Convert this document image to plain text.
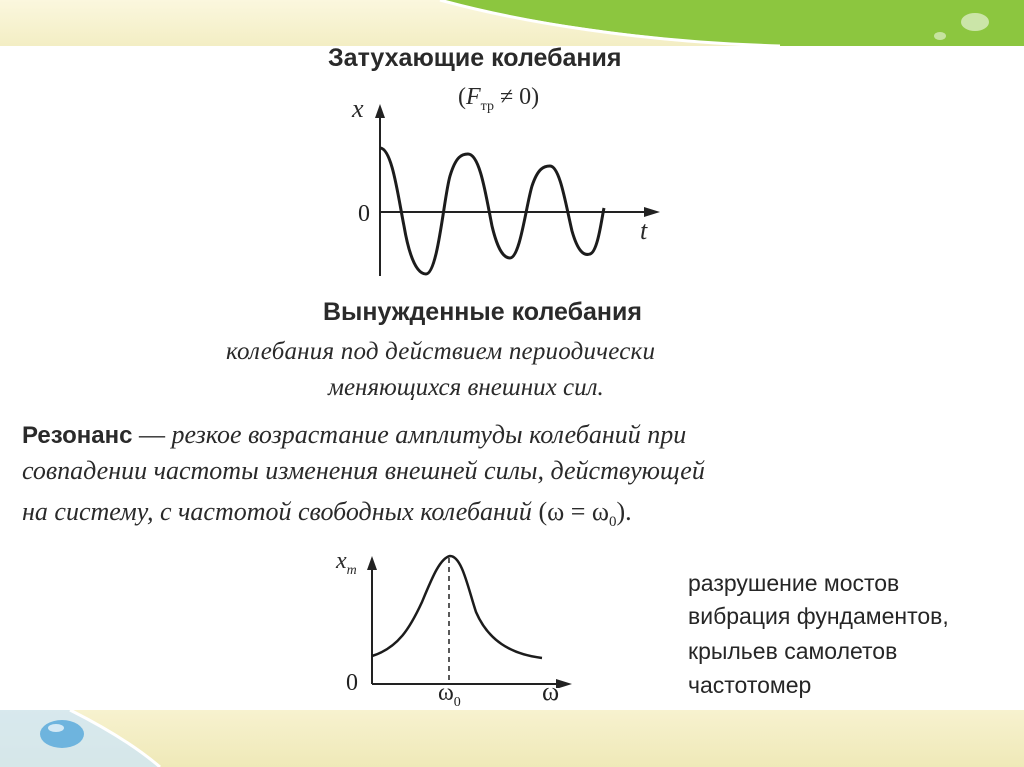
Затухающие колебания
$(F_{тр} \ne 0)$
x
t
0
Вынужденные колебания
колебания под действием периодически
меняющихся внешних сил.
Резонанс — резкое возрастание амплитуды колебаний при
совпадении частоты изменения внешней силы, действующей
на систему, с частотой свободных колебаний $(\omega = \omega_0)$.
$x_m$
0	$\omega_0$	ω
разрушение мостов
вибрация фундаментов,
крыльев самолетов
частотомер
